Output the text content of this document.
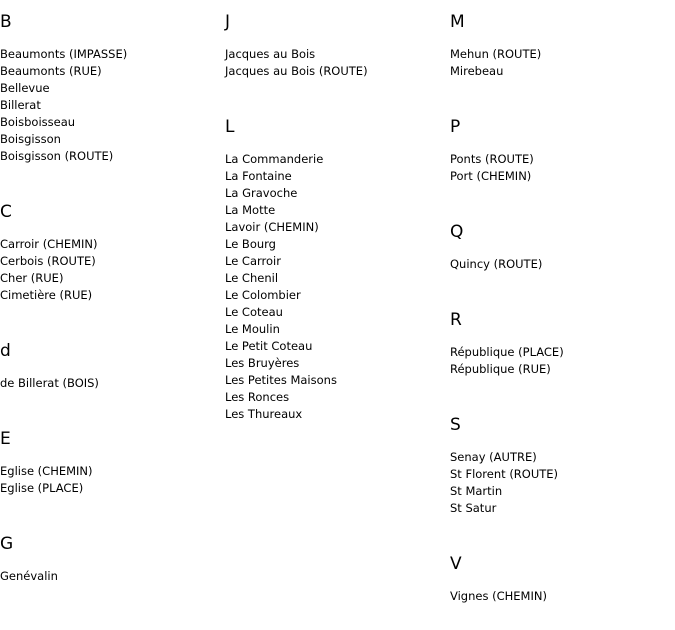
B
Beaumonts (IMPASSE)
Beaumonts (RUE)
Bellevue
Billerat
Boisboisseau
Boisgisson
Boisgisson (ROUTE)
C
Carroir (CHEMIN)
Cerbois (ROUTE)
Cher (RUE)
Cimetière (RUE)
d
de Billerat (BOIS)
E
Eglise (CHEMIN)
Eglise (PLACE)
G
Genévalin
J
Jacques au Bois
Jacques au Bois (ROUTE)
L
La Commanderie
La Fontaine
La Gravoche
La Motte
Lavoir (CHEMIN)
Le Bourg
Le Carroir
Le Chenil
Le Colombier
Le Coteau
Le Moulin
Le Petit Coteau
Les Bruyères
Les Petites Maisons
Les Ronces
Les Thureaux
M
Mehun (ROUTE)
Mirebeau
P
Ponts (ROUTE)
Port (CHEMIN)
Q
Quincy (ROUTE)
R
République (PLACE)
République (RUE)
S
Senay (AUTRE)
St Florent (ROUTE)
St Martin
St Satur
V
Vignes (CHEMIN)
